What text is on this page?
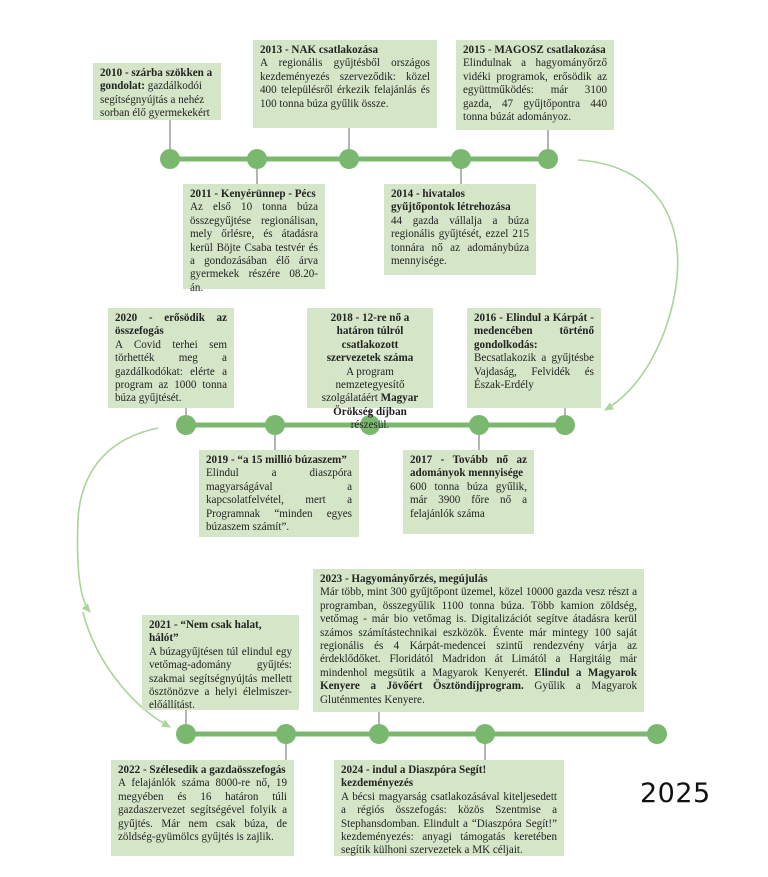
2010 - szárba szökken a gondolat: gazdálkodói segítségnyújtás a nehéz sorban élő gyermekekért
2013 - NAK csatlakozása
A regionális gyűjtésből országos kezdeményezés szerveződik: közel 400 településről érkezik felajánlás és 100 tonna búza gyűlik össze.
2015 - MAGOSZ csatlakozása
Elindulnak a hagyományőrző vidéki programok, erősödik az együttműködés: már 3100 gazda, 47 gyűjtőpontra 440 tonna búzát adományoz.
2011 - Kenyérünnep - Pécs
Az első 10 tonna búza összegyűjtése regionálisan, mely őrlésre, és átadásra kerül Böjte Csaba testvér és a gondozásában élő árva gyermekek részére 08.20-án.
2014 - hivatalos gyűjtőpontok létrehozása
44 gazda vállalja a búza regionális gyűjtését, ezzel 215 tonnára nő az adománybúza mennyisége.
2020 - erősödik az összefogás
A Covid terhei sem törhették meg a gazdálkodókat: elérte a program az 1000 tonna búza gyűjtését.
2018 - 12-re nő a határon túlról csatlakozott szervezetek száma
A program nemzetegyesítő szolgálatáért Magyar Örökség díjban részesül.
2016 - Elindul a Kárpát -medencében történő gondolkodás:
Becsatlakozik a gyűjtésbe Vajdaság, Felvidék és Észak-Erdély
2019 - “a 15 millió búzaszem”
Elindul a diaszpóra magyarságával a kapcsolatfelvétel, mert a Programnak “minden egyes búzaszem számít”.
2017 - Tovább nő az adományok mennyisége
600 tonna búza gyűlik, már 3900 főre nő a felajánlók száma
2023 - Hagyományőrzés, megújulás
Már több, mint 300 gyűjtőpont üzemel, közel 10000 gazda vesz részt a programban, összegyűlik 1100 tonna búza. Több kamion zöldség, vetőmag - már bio vetőmag is. Digitalizációt segítve átadásra kerül számos számítástechnikai eszközök. Évente már mintegy 100 saját regionális és 4 Kárpát-medencei szintű rendezvény várja az érdeklődőket. Floridától Madridon át Limától a Hargitáig már mindenhol megsütik a Magyarok Kenyerét. Elindul a Magyarok Kenyere a Jövőért Ösztöndíjprogram. Gyűlik a Magyarok Gluténmentes Kenyere.
2021 - “Nem csak halat, hálót”
A búzagyűjtésen túl elindul egy vetőmag-adomány gyűjtés: szakmai segítségnyújtás mellett ösztönözve a helyi élelmiszer-előállítást.
2022 - Szélesedik a gazdaösszefogás
A felajánlók száma 8000-re nő, 19 megyében és 16 határon túli gazdaszervezet segítségével folyik a gyűjtés. Már nem csak búza, de zöldség-gyümölcs gyűjtés is zajlik.
2024 - indul a Diaszpóra Segít! kezdeményezés
A bécsi magyarság csatlakozásával kiteljesedett a régiós összefogás: közös Szentmise a Stephansdomban. Elindult a “Diaszpóra Segít!” kezdeményezés: anyagi támogatás keretében segítik külhoni szervezetek a MK céljait.
2025
